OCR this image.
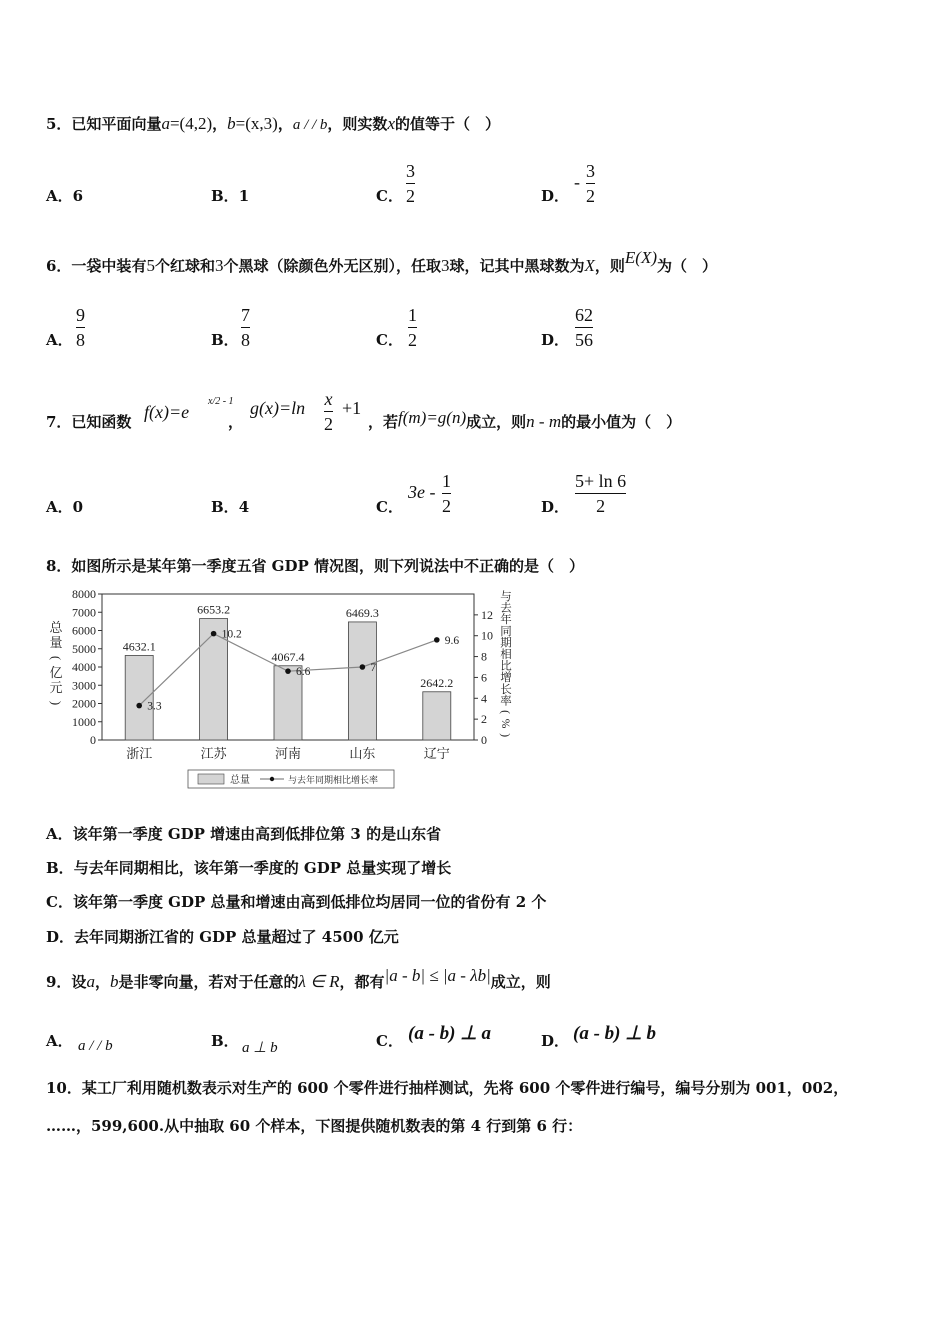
5．已知平面向量a=(4,2)，b=(x,3)，a / / b，则实数x的值等于（　）
A．6	B．1	C．
3
2	D．
-
3
2
6．一袋中装有5个红球和3个黑球（除颜色外无区别），任取3球，记其中黑球数为X，则E(X)为（　）
A．
9
8	B．
7
8	C．
1
2	D．
62
56
7．已知函数 f(x)=e
x/2 - 1
，
g(x)=ln x
2
+1
，若f(m)=g(n)成立，则n - m的最小值为（　）
A．0	B．4	C．
3e -
1
2	D．
5+ ln 6
2
8．如图所示是某年第一季度五省 GDP 情况图，则下列说法中不正确的是（　）
0
1000
2000
3000
4000
5000
6000
7000
8000
0
2
4
6
8
10
12
总
量
(
亿
元
)
与
去
年
同
期
相
比
增
长
率
(
%
)
4632.1
浙江
6653.2
江苏
4067.4
河南
6469.3
山东
2642.2
辽宁
3.3
10.2
6.6	7
9.6
总量	与去年同期相比增长率
A．该年第一季度 GDP 增速由高到低排位第 3 的是山东省
B．与去年同期相比，该年第一季度的 GDP 总量实现了增长
C．该年第一季度 GDP 总量和增速由高到低排位均居同一位的省份有 2 个
D．去年同期浙江省的 GDP 总量超过了 4500 亿元
9．设a，b是非零向量，若对于任意的λ ∈ R，都有|a - b| ≤ |a - λb|成立，则
A． a / / b	B． a ⊥ b	C． (a - b) ⊥ a	D． (a - b) ⊥ b
10．某工厂利用随机数表示对生产的 600 个零件进行抽样测试，先将 600 个零件进行编号，编号分别为 001，002，
……，599,600.从中抽取 60 个样本，下图提供随机数表的第 4 行到第 6 行：
